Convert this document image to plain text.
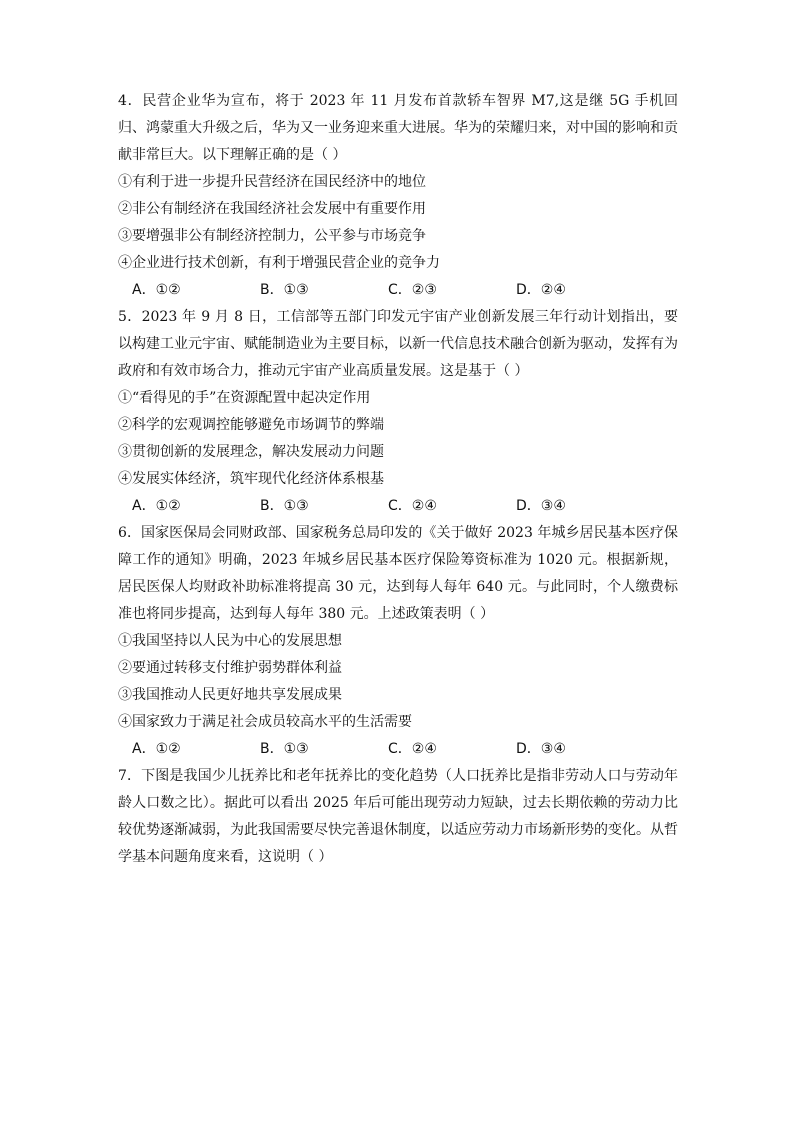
4．民营企业华为宣布，将于 2023 年 11 月发布首款轿车智界 M7,这是继 5G 手机回归、鸿蒙重大升级之后，华为又一业务迎来重大进展。华为的荣耀归来，对中国的影响和贡献非常巨大。以下理解正确的是（ ）

①有利于进一步提升民营经济在国民经济中的地位

②非公有制经济在我国经济社会发展中有重要作用

③要增强非公有制经济控制力，公平参与市场竞争

④企业进行技术创新，有利于增强民营企业的竞争力

A．①②	B．①③	C．②③	D．②④

5．2023 年 9 月 8 日，工信部等五部门印发元宇宙产业创新发展三年行动计划指出，要以构建工业元宇宙、赋能制造业为主要目标，以新一代信息技术融合创新为驱动，发挥有为政府和有效市场合力，推动元宇宙产业高质量发展。这是基于（ ）

①“看得见的手”在资源配置中起决定作用

②科学的宏观调控能够避免市场调节的弊端

③贯彻创新的发展理念，解决发展动力问题

④发展实体经济，筑牢现代化经济体系根基

A．①②	B．①③	C．②④	D．③④

6．国家医保局会同财政部、国家税务总局印发的《关于做好 2023 年城乡居民基本医疗保障工作的通知》明确，2023 年城乡居民基本医疗保险筹资标准为 1020 元。根据新规，居民医保人均财政补助标准将提高 30 元，达到每人每年 640 元。与此同时，个人缴费标准也将同步提高，达到每人每年 380 元。上述政策表明（ ）

①我国坚持以人民为中心的发展思想

②要通过转移支付维护弱势群体利益

③我国推动人民更好地共享发展成果

④国家致力于满足社会成员较高水平的生活需要

A．①②	B．①③	C．②④	D．③④

7．下图是我国少儿抚养比和老年抚养比的变化趋势（人口抚养比是指非劳动人口与劳动年龄人口数之比）。据此可以看出 2025 年后可能出现劳动力短缺，过去长期依赖的劳动力比较优势逐渐减弱，为此我国需要尽快完善退休制度，以适应劳动力市场新形势的变化。从哲学基本问题角度来看，这说明（ ）
